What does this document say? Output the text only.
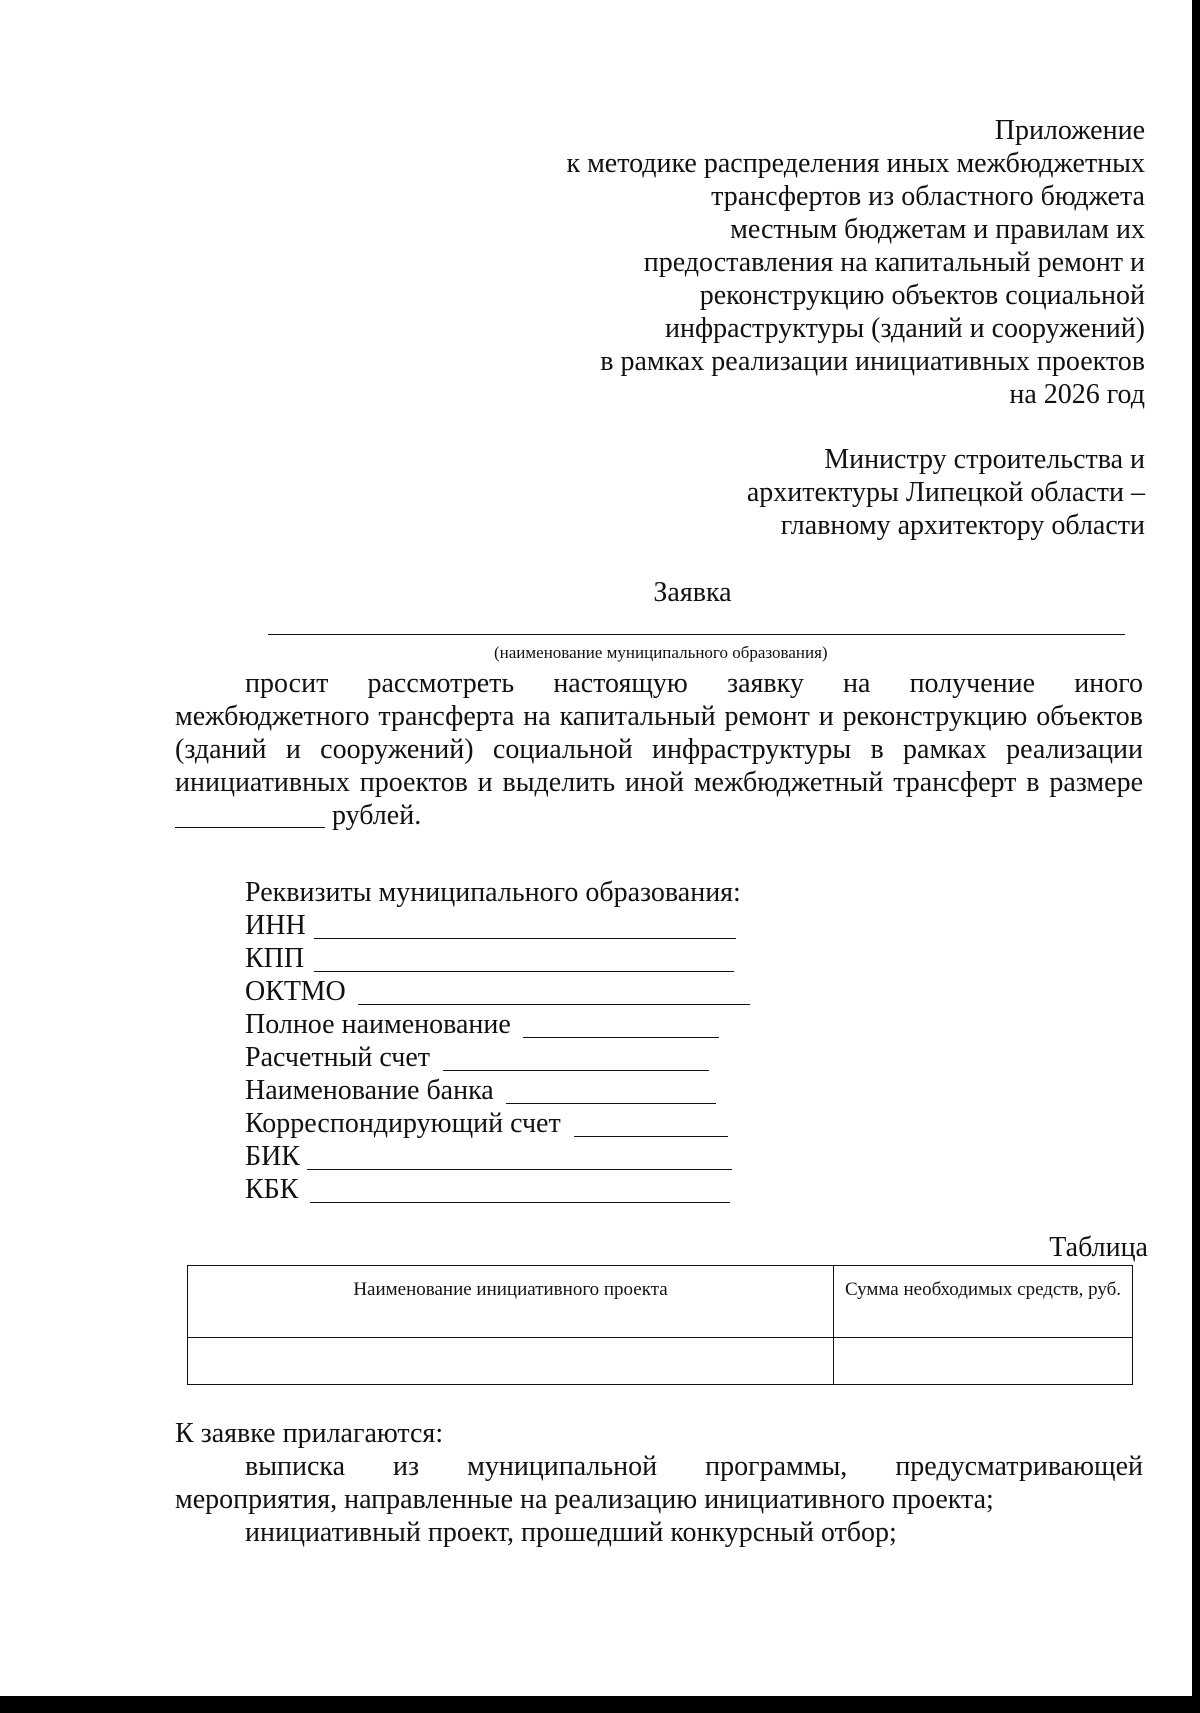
Приложение
к методике распределения иных межбюджетных
трансфертов из областного бюджета
местным бюджетам и правилам их
предоставления на капитальный ремонт и
реконструкцию объектов социальной
инфраструктуры (зданий и сооружений)
в рамках реализации инициативных проектов
на 2026 год
Министру строительства и
архитектуры Липецкой области –
главному архитектору области
Заявка
(наименование муниципального образования)
просит рассмотреть настоящую заявку на получение иного
межбюджетного трансферта на капитальный ремонт и реконструкцию объектов
(зданий и сооружений) социальной инфраструктуры в рамках реализации
инициативных проектов и выделить иной межбюджетный трансферт в размере
рублей.
Реквизиты муниципального образования:
ИНН
КПП
ОКТМО
Полное наименование
Расчетный счет
Наименование банка
Корреспондирующий счет
БИК
КБК
Таблица
Наименование инициативного проекта	Сумма необходимых средств, руб.

К заявке прилагаются:
выписка из муниципальной программы, предусматривающей
мероприятия, направленные на реализацию инициативного проекта;
инициативный проект, прошедший конкурсный отбор;
